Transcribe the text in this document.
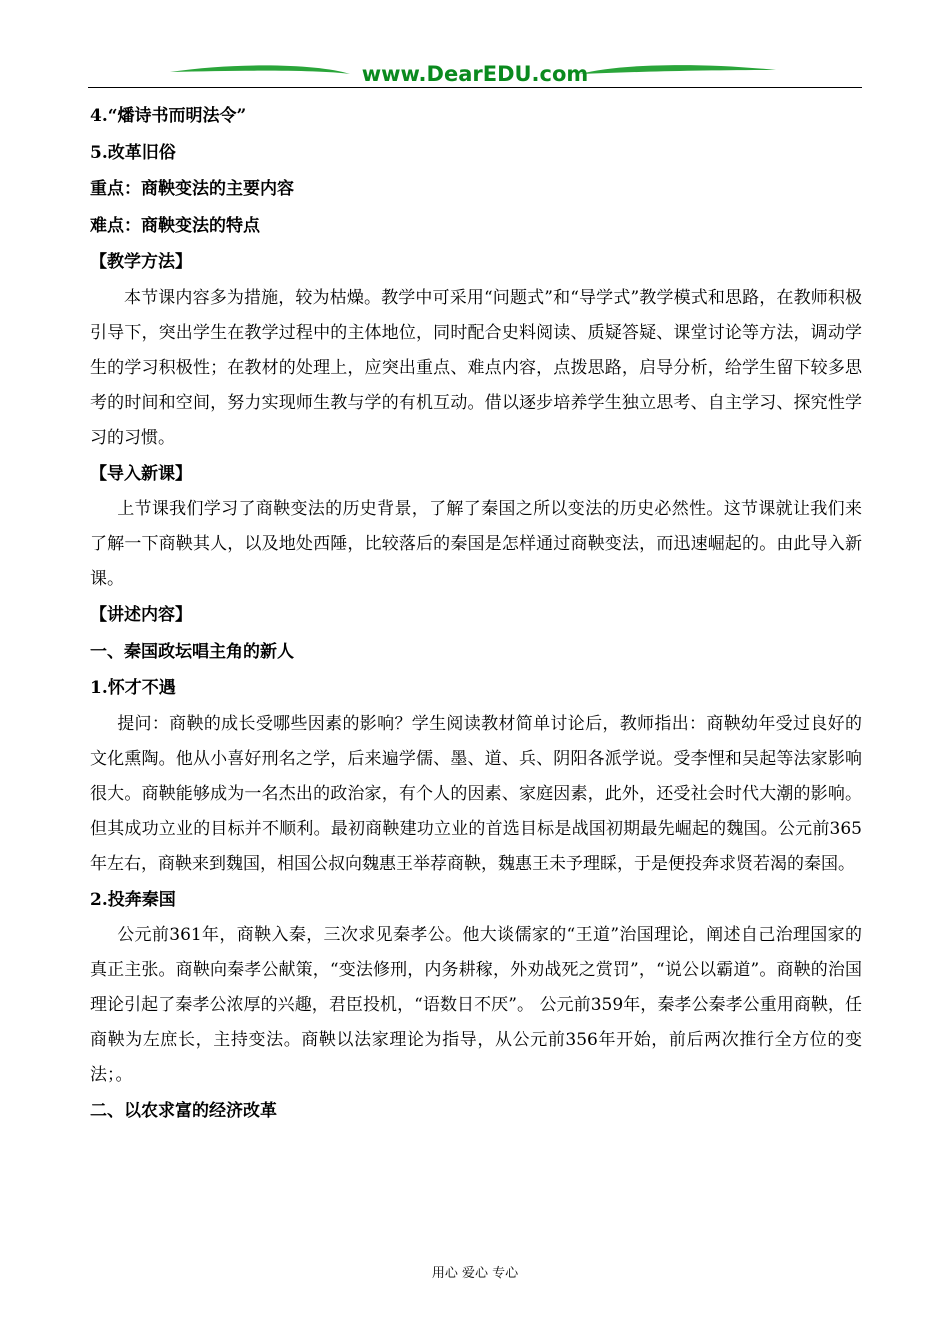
www.DearEDU.com
4.“燔诗书而明法令”
5.改革旧俗
重点：商鞅变法的主要内容
难点：商鞅变法的特点
【教学方法】

本节课内容多为措施，较为枯燥。教学中可采用“问题式”和“导学式”教学模式和思路，在教师积极引导下，突出学生在教学过程中的主体地位，同时配合史料阅读、质疑答疑、课堂讨论等方法，调动学生的学习积极性；在教材的处理上，应突出重点、难点内容，点拨思路，启导分析，给学生留下较多思考的时间和空间，努力实现师生教与学的有机互动。借以逐步培养学生独立思考、自主学习、探究性学习的习惯。

【导入新课】

上节课我们学习了商鞅变法的历史背景，了解了秦国之所以变法的历史必然性。这节课就让我们来了解一下商鞅其人，以及地处西陲，比较落后的秦国是怎样通过商鞅变法，而迅速崛起的。由此导入新课。

【讲述内容】
一、秦国政坛唱主角的新人
1.怀才不遇

提问：商鞅的成长受哪些因素的影响？学生阅读教材简单讨论后，教师指出：商鞅幼年受过良好的文化熏陶。他从小喜好刑名之学，后来遍学儒、墨、道、兵、阴阳各派学说。受李悝和吴起等法家影响很大。商鞅能够成为一名杰出的政治家，有个人的因素、家庭因素，此外，还受社会时代大潮的影响。 但其成功立业的目标并不顺利。最初商鞅建功立业的首选目标是战国初期最先崛起的魏国。公元前365年左右，商鞅来到魏国，相国公叔向魏惠王举荐商鞅，魏惠王未予理睬，于是便投奔求贤若渴的秦国。

2.投奔秦国

公元前361年，商鞅入秦，三次求见秦孝公。他大谈儒家的“王道”治国理论，阐述自己治理国家的真正主张。商鞅向秦孝公献策，“变法修刑，内务耕稼，外劝战死之赏罚”，“说公以霸道”。商鞅的治国理论引起了秦孝公浓厚的兴趣，君臣投机，“语数日不厌”。 公元前359年，秦孝公秦孝公重用商鞅，任商鞅为左庶长，主持变法。商鞅以法家理论为指导，从公元前356年开始，前后两次推行全方位的变法；。

二、以农求富的经济改革
用心 爱心 专心
